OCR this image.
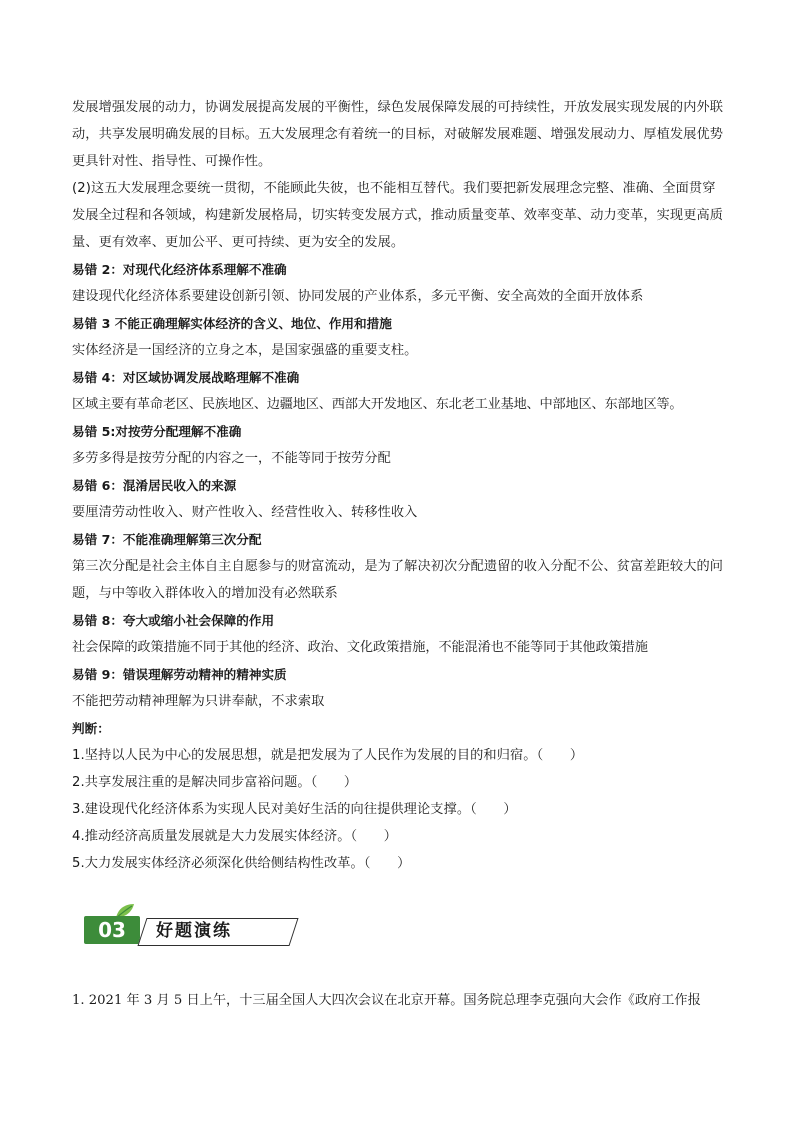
发展增强发展的动力，协调发展提高发展的平衡性，绿色发展保障发展的可持续性，开放发展实现发展的内外联动，共享发展明确发展的目标。五大发展理念有着统一的目标，对破解发展难题、增强发展动力、厚植发展优势更具针对性、指导性、可操作性。

(2)这五大发展理念要统一贯彻，不能顾此失彼，也不能相互替代。我们要把新发展理念完整、准确、全面贯穿发展全过程和各领域，构建新发展格局，切实转变发展方式，推动质量变革、效率变革、动力变革，实现更高质量、更有效率、更加公平、更可持续、更为安全的发展。

易错 2：对现代化经济体系理解不准确

建设现代化经济体系要建设创新引领、协同发展的产业体系，多元平衡、安全高效的全面开放体系

易错 3 不能正确理解实体经济的含义、地位、作用和措施

实体经济是一国经济的立身之本，是国家强盛的重要支柱。

易错 4：对区域协调发展战略理解不准确

区域主要有革命老区、民族地区、边疆地区、西部大开发地区、东北老工业基地、中部地区、东部地区等。

易错 5:对按劳分配理解不准确

多劳多得是按劳分配的内容之一，不能等同于按劳分配

易错 6：混淆居民收入的来源

要厘清劳动性收入、财产性收入、经营性收入、转移性收入

易错 7：不能准确理解第三次分配

第三次分配是社会主体自主自愿参与的财富流动，是为了解决初次分配遗留的收入分配不公、贫富差距较大的问题，与中等收入群体收入的增加没有必然联系

易错 8：夸大或缩小社会保障的作用

社会保障的政策措施不同于其他的经济、政治、文化政策措施，不能混淆也不能等同于其他政策措施

易错 9：错误理解劳动精神的精神实质

不能把劳动精神理解为只讲奉献，不求索取

判断：

1.坚持以人民为中心的发展思想，就是把发展为了人民作为发展的目的和归宿。（　　）

2.共享发展注重的是解决同步富裕问题。（　　）

3.建设现代化经济体系为实现人民对美好生活的向往提供理论支撑。（　　）

4.推动经济高质量发展就是大力发展实体经济。（　　）

5.大力发展实体经济必须深化供给侧结构性改革。（　　）

03	好题演练

1. 2021 年 3 月 5 日上午，十三届全国人大四次会议在北京开幕。国务院总理李克强向大会作《政府工作报
